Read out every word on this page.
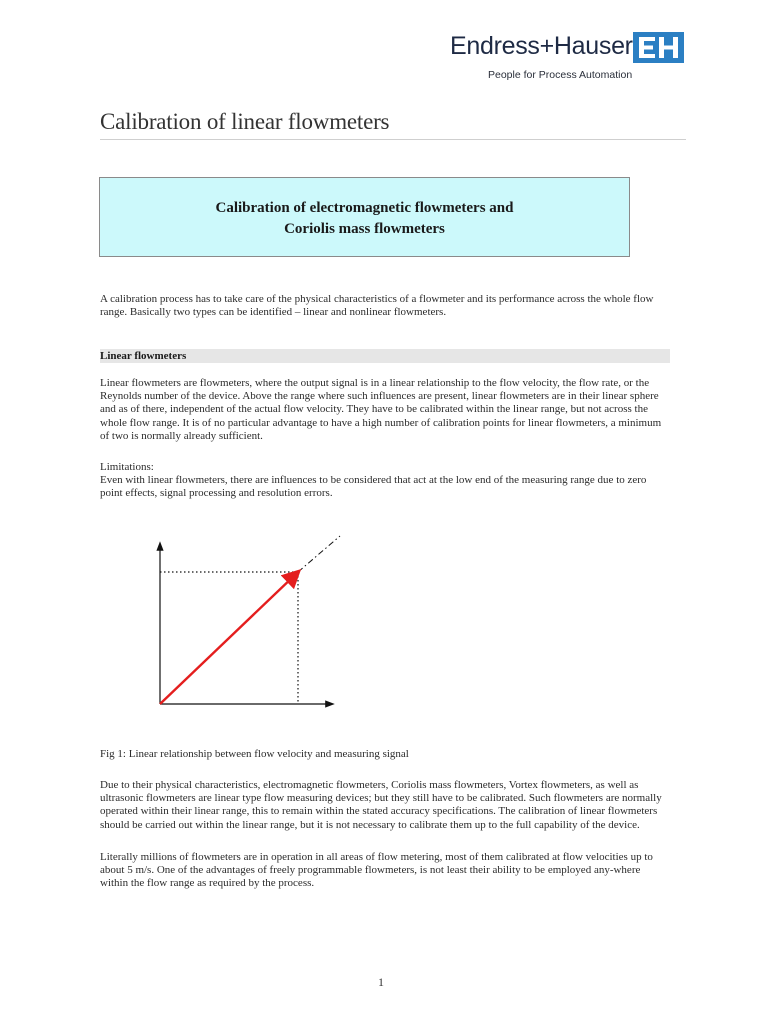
Endress+Hauser
People for Process Automation
Calibration of linear flowmeters
Calibration of electromagnetic flowmeters and
Coriolis mass flowmeters

A calibration process has to take care of the physical characteristics of a flowmeter and its performance across the whole flow range. Basically two types can be identified – linear and nonlinear flowmeters.

Linear flowmeters

Linear flowmeters are flowmeters, where the output signal is in a linear relationship to the flow velocity, the flow rate, or the Reynolds number of the device. Above the range where such influences are present, linear flowmeters are in their linear sphere and as of there, independent of the actual flow velocity. They have to be calibrated within the linear range, but not across the whole flow range. It is of no particular advantage to have a high number of calibration points for linear flowmeters, a minimum of two is normally already sufficient.

Limitations:

Even with linear flowmeters, there are influences to be considered that act at the low end of the measuring range due to zero point effects, signal processing and resolution errors.

Fig 1: Linear relationship between flow velocity and measuring signal

Due to their physical characteristics, electromagnetic flowmeters, Coriolis mass flowmeters, Vortex flowmeters, as well as ultrasonic flowmeters are linear type flow measuring devices; but they still have to be calibrated. Such flowmeters are normally operated within their linear range, this to remain within the stated accuracy specifications. The calibration of linear flowmeters should be carried out within the linear range, but it is not necessary to calibrate them up to the full capability of the device.

Literally millions of flowmeters are in operation in all areas of flow metering, most of them calibrated at flow velocities up to about 5 m/s. One of the advantages of freely programmable flowmeters, is not least their ability to be employed any-where within the flow range as required by the process.

1
